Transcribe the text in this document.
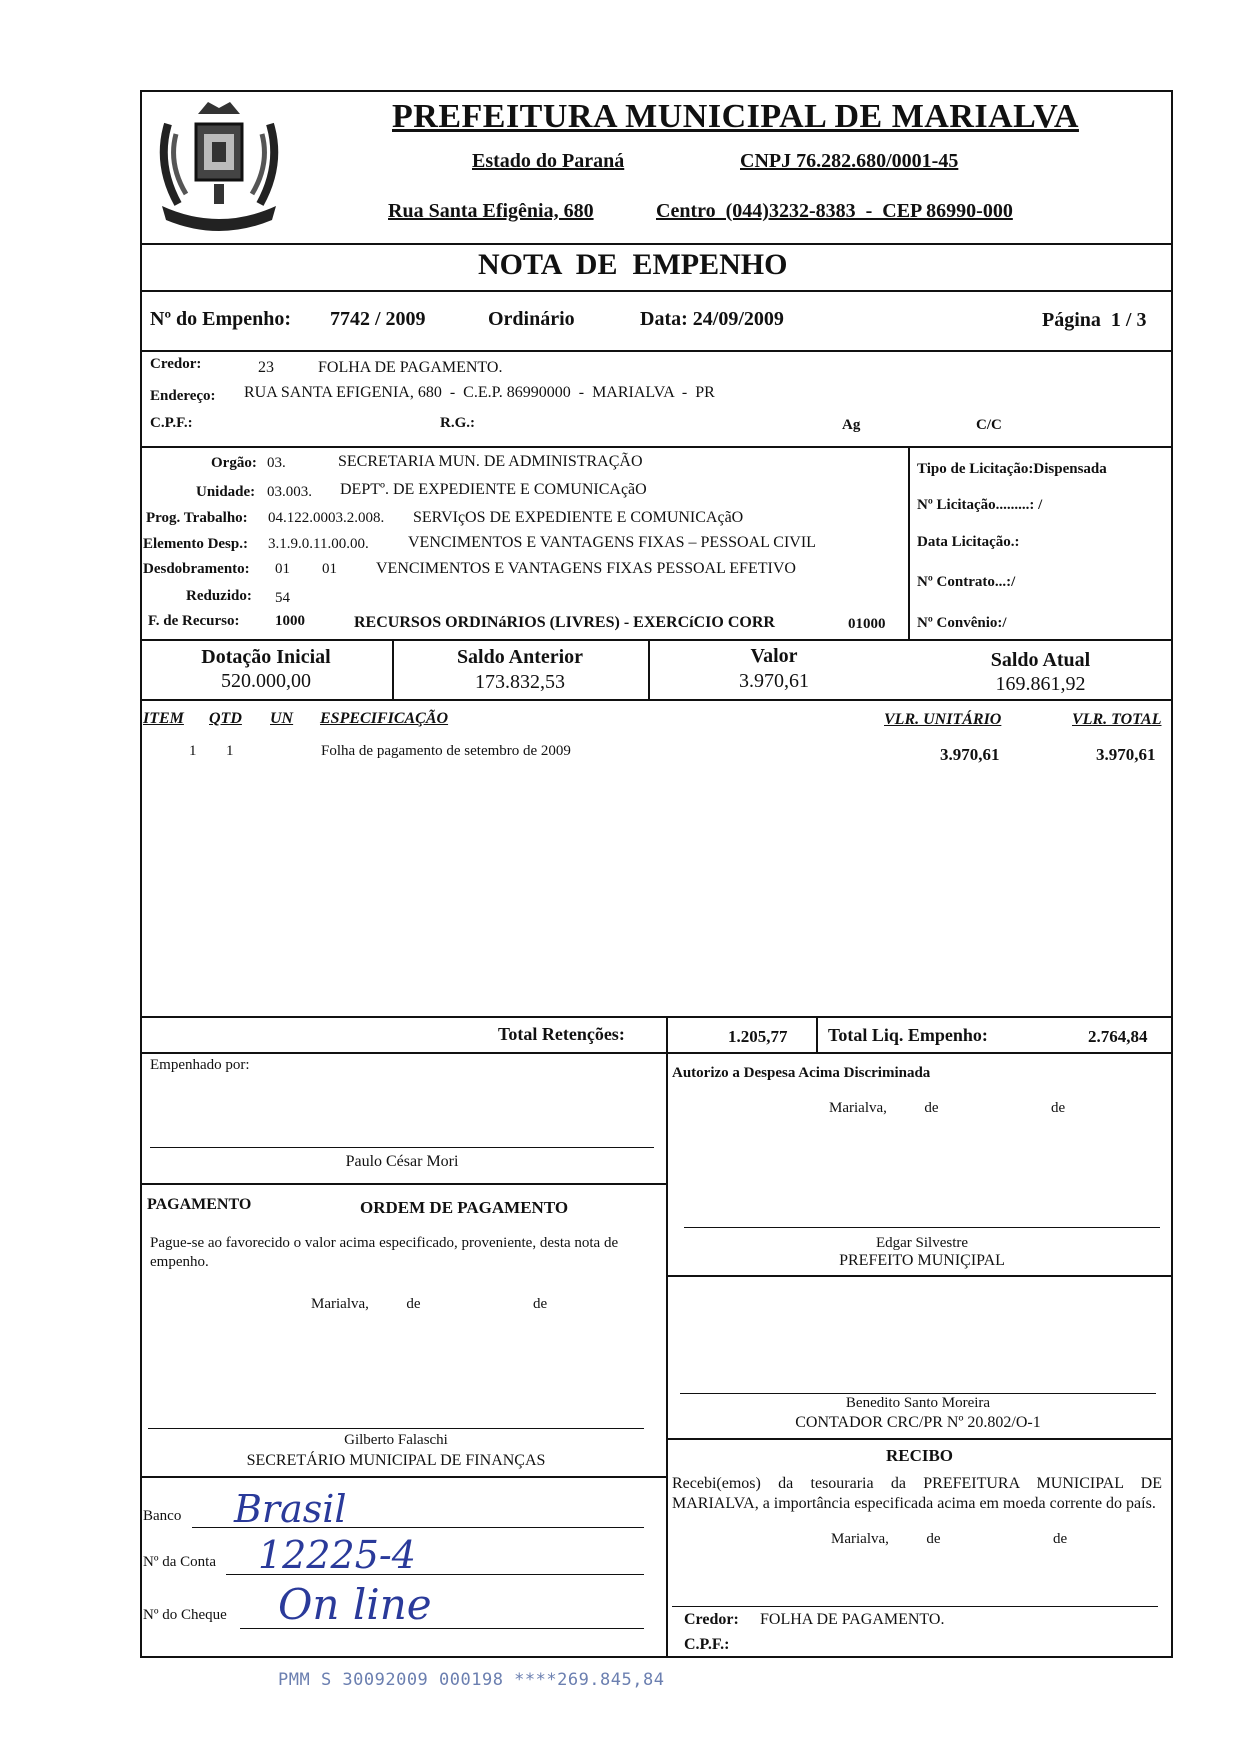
PREFEITURA MUNICIPAL DE MARIALVA
Estado do Paraná	CNPJ 76.282.680/0001-45
Rua Santa Efigênia, 680	Centro  (044)3232-8383  -  CEP 86990-000
NOTA  DE  EMPENHO
Nº do Empenho: 7742 / 2009	Ordinário	Data: 24/09/2009	Página  1 / 3
Credor:	23	FOLHA DE PAGAMENTO.
Endereço: RUA SANTA EFIGENIA, 680  -  C.E.P. 86990000  -  MARIALVA  -  PR
C.P.F.:	R.G.:	Ag	C/C
Orgão: 03.	SECRETARIA MUN. DE ADMINISTRAÇÃO
Unidade: 03.003. DEPTº. DE EXPEDIENTE E COMUNICAçãO
Prog. Trabalho: 04.122.0003.2.008. SERVIçOS DE EXPEDIENTE E COMUNICAçãO
Elemento Desp.: 3.1.9.0.11.00.00. VENCIMENTOS E VANTAGENS FIXAS – PESSOAL CIVIL
Desdobramento: 01 01 VENCIMENTOS E VANTAGENS FIXAS PESSOAL EFETIVO
Reduzido: 54
F. de Recurso: 1000	RECURSOS ORDINáRIOS (LIVRES) - EXERCíCIO CORR	01000
Tipo de Licitação:Dispensada
Nº Licitação.........: /
Data Licitação.:
Nº Contrato...:/
Nº Convênio:/
Dotação Inicial
520.000,00
Saldo Anterior
173.832,53
Valor
3.970,61
Saldo Atual
169.861,92
ITEM QTD UN ESPECIFICAÇÃO	VLR. UNITÁRIO	VLR. TOTAL
1 1	Folha de pagamento de setembro de 2009	3.970,61	3.970,61
Total Retenções:	1.205,77 Total Liq. Empenho:	2.764,84
Empenhado por:
Paulo César Mori
Autorizo a Despesa Acima Discriminada
Marialva,          de                              de
Edgar Silvestre
PREFEITO MUNIÇIPAL
PAGAMENTO	ORDEM DE PAGAMENTO
Pague-se ao favorecido o valor acima especificado, proveniente, desta nota de empenho.
Marialva,          de                              de
Gilberto Falaschi
SECRETÁRIO MUNICIPAL DE FINANÇAS
Banco Brasil
Nº da Conta 12225-4
Nº do Cheque On line
Benedito Santo Moreira
CONTADOR CRC/PR Nº 20.802/O-1
RECIBO
Recebi(emos) da tesouraria da PREFEITURA MUNICIPAL DE MARIALVA, a importância especificada acima em moeda corrente do país.
Marialva,          de                              de
Credor: FOLHA DE PAGAMENTO.
C.P.F.:
PMM S 30092009 000198 ****269.845,84
